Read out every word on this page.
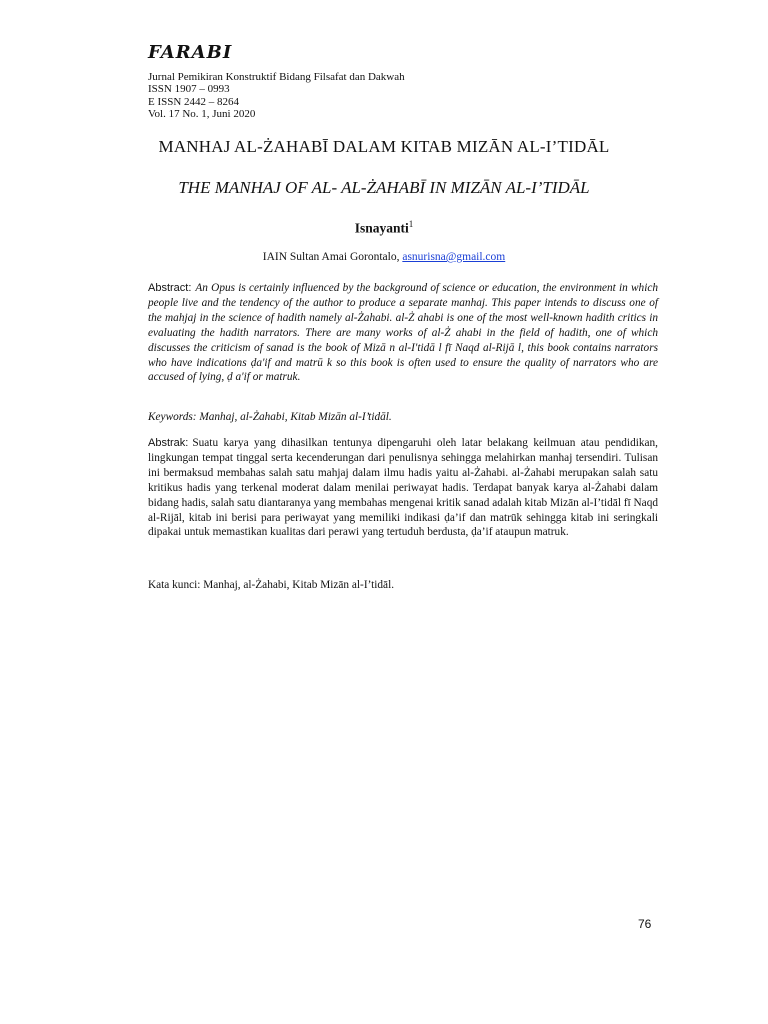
FARABI
Jurnal Pemikiran Konstruktif Bidang Filsafat dan Dakwah
ISSN 1907 – 0993
E ISSN 2442 – 8264
Vol. 17 No. 1, Juni 2020
MANHAJ AL-ŻAHABĪ DALAM KITAB MIZĀN AL-I’TIDĀL
THE MANHAJ OF AL- AL-ŻAHABĪ IN MIZĀN AL-I’TIDĀL
Isnayanti$^1$
IAIN Sultan Amai Gorontalo, asnurisna@gmail.com
Abstract: An Opus is certainly influenced by the background of science or education, the environment in which people live and the tendency of the author to produce a separate manhaj. This paper intends to discuss one of the mahjaj in the science of hadith namely al-Żahabi. al-Ż ahabi is one of the most well-known hadith critics in evaluating the hadith narrators. There are many works of al-Ż ahabi in the field of hadith, one of which discusses the criticism of sanad is the book of Mizā n al-I'tidā l fī Naqd al-Rijā l, this book contains narrators who have indications ḍa'if and matrū k so this book is often used to ensure the quality of narrators who are accused of lying, ḍ a'if or matruk.
Keywords: Manhaj, al-Żahabi, Kitab Mizān al-I’tidāl.
Abstrak: Suatu karya yang dihasilkan tentunya dipengaruhi oleh latar belakang keilmuan atau pendidikan, lingkungan tempat tinggal serta kecenderungan dari penulisnya sehingga melahirkan manhaj tersendiri. Tulisan ini bermaksud membahas salah satu mahjaj dalam ilmu hadis yaitu al-Żahabi. al-Żahabi merupakan salah satu kritikus hadis yang terkenal moderat dalam menilai periwayat hadis. Terdapat banyak karya al-Żahabi dalam bidang hadis, salah satu diantaranya yang membahas mengenai kritik sanad adalah kitab Mizān al-I’tidāl fī Naqd al-Rijāl, kitab ini berisi para periwayat yang memiliki indikasi ḍa’if dan matrūk sehingga kitab ini seringkali dipakai untuk memastikan kualitas dari perawi yang tertuduh berdusta, ḍa’if ataupun matruk.
Kata kunci: Manhaj, al-Żahabi, Kitab Mizān al-I’tidāl.
76
